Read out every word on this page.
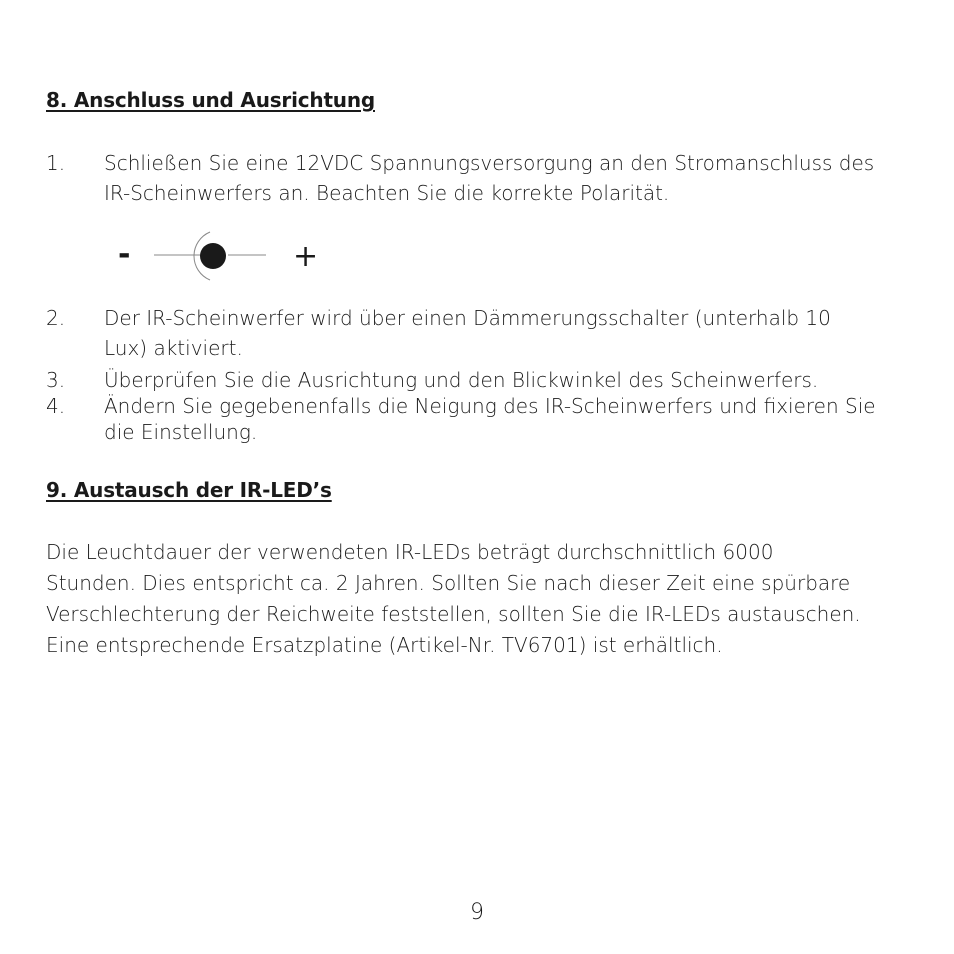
8. Anschluss und Ausrichtung
1. Schließen Sie eine 12VDC Spannungsversorgung an den Stromanschluss des IR-Scheinwerfers an. Beachten Sie die korrekte Polarität.
-	+
2. Der IR-Scheinwerfer wird über einen Dämmerungsschalter (unterhalb 10 Lux) aktiviert.
3. Überprüfen Sie die Ausrichtung und den Blickwinkel des Scheinwerfers.
4. Ändern Sie gegebenenfalls die Neigung des IR-Scheinwerfers und fixieren Sie die Einstellung.
9. Austausch der IR-LED’s
Die Leuchtdauer der verwendeten IR-LEDs beträgt durchschnittlich 6000 Stunden. Dies entspricht ca. 2 Jahren. Sollten Sie nach dieser Zeit eine spürbare Verschlechterung der Reichweite feststellen, sollten Sie die IR-LEDs austauschen. Eine entsprechende Ersatzplatine (Artikel-Nr. TV6701) ist erhältlich.
9
